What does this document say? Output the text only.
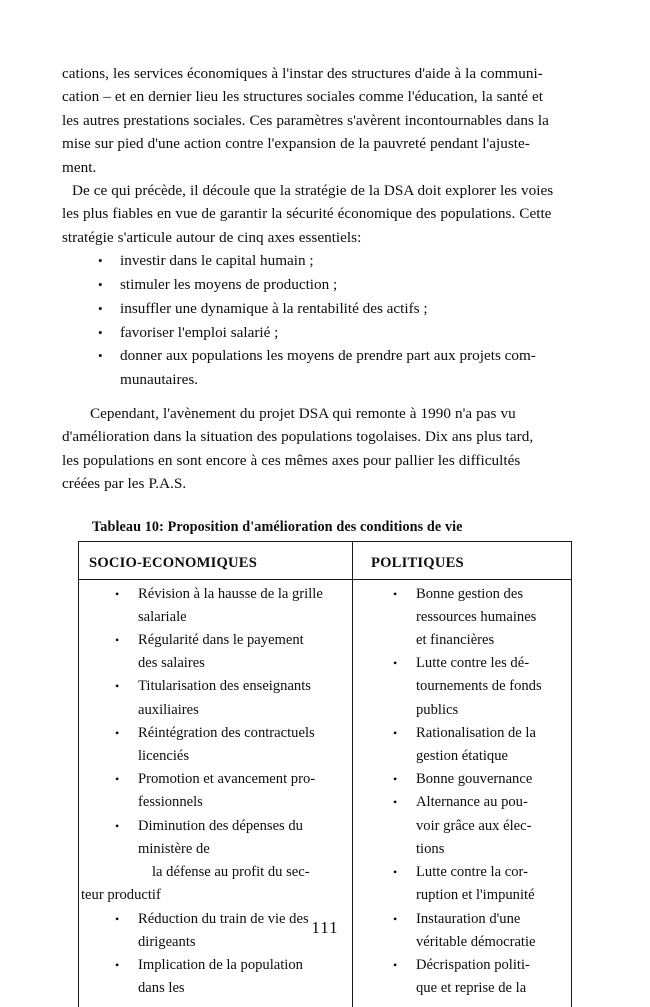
cations, les services économiques à l'instar des structures d'aide à la communi-
cation – et en dernier lieu les structures sociales comme l'éducation, la santé et
les autres prestations sociales. Ces paramètres s'avèrent incontournables dans la
mise sur pied d'une action contre l'expansion de la pauvreté pendant l'ajuste-
ment.
De ce qui précède, il découle que la stratégie de la DSA doit explorer les voies
les plus fiables en vue de garantir la sécurité économique des populations. Cette
stratégie s'articule autour de cinq axes essentiels:
• investir dans le capital humain ;
• stimuler les moyens de production ;
• insuffler une dynamique à la rentabilité des actifs ;
• favoriser l'emploi salarié ;
• donner aux populations les moyens de prendre part aux projets com-
munautaires.
Cependant, l'avènement du projet DSA qui remonte à 1990 n'a pas vu
d'amélioration dans la situation des populations togolaises. Dix ans plus tard,
les populations en sont encore à ces mêmes axes pour pallier les difficultés
créées par les P.A.S.
Tableau 10: Proposition d'amélioration des conditions de vie
SOCIO-ECONOMIQUES	POLITIQUES
• Révision à la hausse de la grille
salariale
• Régularité dans le payement
des salaires
• Titularisation des enseignants
auxiliaires
• Réintégration des contractuels
licenciés
• Promotion et avancement pro-
fessionnels
• Diminution des dépenses du
ministère de
la défense au profit du sec-
teur productif
• Réduction du train de vie des
dirigeants
• Implication de la population
dans les
• Bonne gestion des
ressources humaines
et financières
• Lutte contre les dé-
tournements de fonds
publics
• Rationalisation de la
gestion étatique
• Bonne gouvernance
• Alternance au pou-
voir grâce aux élec-
tions
• Lutte contre la cor-
ruption et l'impunité
• Instauration d'une
véritable démocratie
• Décrispation politi-
que et reprise de la
111
